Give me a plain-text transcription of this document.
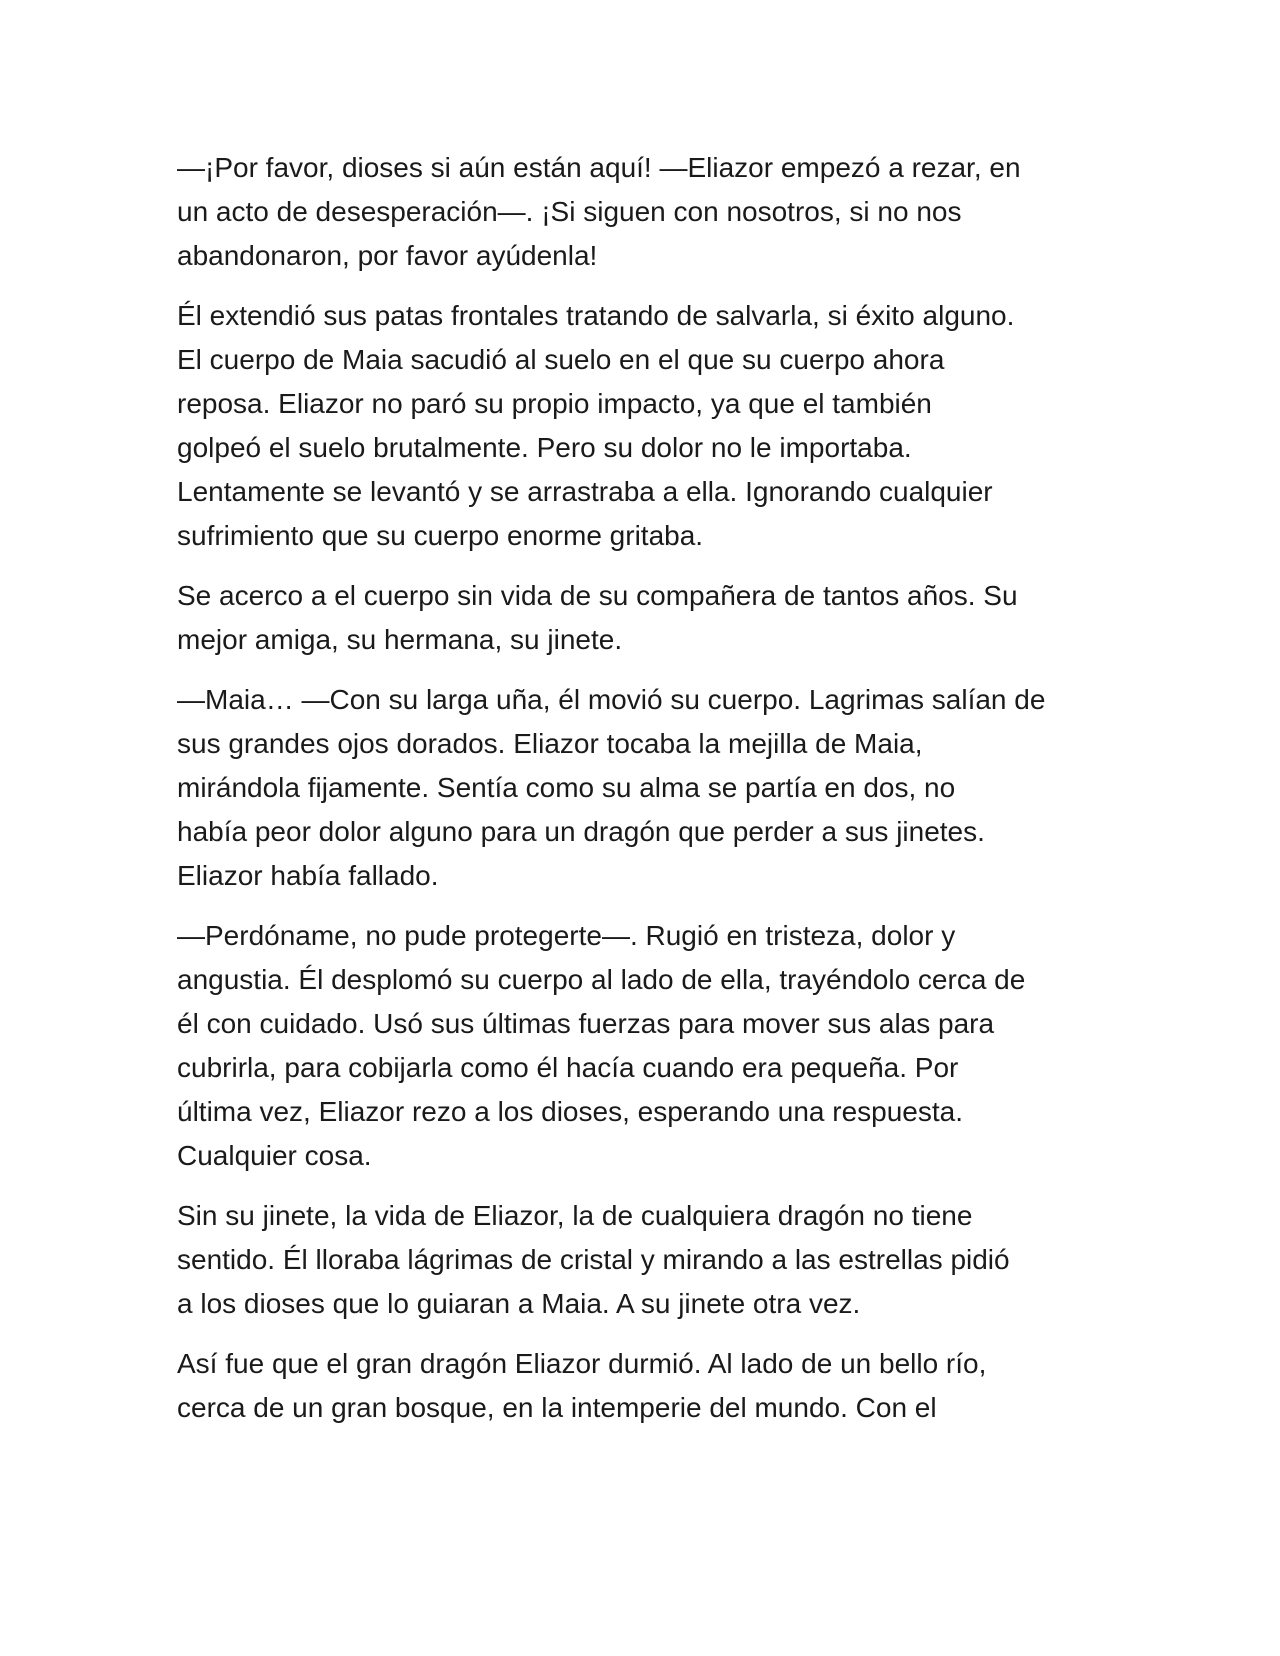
—¡Por favor, dioses si aún están aquí! —Eliazor empezó a rezar, en
un acto de desesperación—. ¡Si siguen con nosotros, si no nos
abandonaron, por favor ayúdenla!

Él extendió sus patas frontales tratando de salvarla, si éxito alguno.
El cuerpo de Maia sacudió al suelo en el que su cuerpo ahora
reposa. Eliazor no paró su propio impacto, ya que el también
golpeó el suelo brutalmente. Pero su dolor no le importaba.
Lentamente se levantó y se arrastraba a ella. Ignorando cualquier
sufrimiento que su cuerpo enorme gritaba.

Se acerco a el cuerpo sin vida de su compañera de tantos años. Su
mejor amiga, su hermana, su jinete.

—Maia… —Con su larga uña, él movió su cuerpo. Lagrimas salían de
sus grandes ojos dorados. Eliazor tocaba la mejilla de Maia,
mirándola fijamente. Sentía como su alma se partía en dos, no
había peor dolor alguno para un dragón que perder a sus jinetes.
Eliazor había fallado.

—Perdóname, no pude protegerte—. Rugió en tristeza, dolor y
angustia. Él desplomó su cuerpo al lado de ella, trayéndolo cerca de
él con cuidado. Usó sus últimas fuerzas para mover sus alas para
cubrirla, para cobijarla como él hacía cuando era pequeña. Por
última vez, Eliazor rezo a los dioses, esperando una respuesta.
Cualquier cosa.

Sin su jinete, la vida de Eliazor, la de cualquiera dragón no tiene
sentido. Él lloraba lágrimas de cristal y mirando a las estrellas pidió
a los dioses que lo guiaran a Maia. A su jinete otra vez.

Así fue que el gran dragón Eliazor durmió. Al lado de un bello río,
cerca de un gran bosque, en la intemperie del mundo. Con el
